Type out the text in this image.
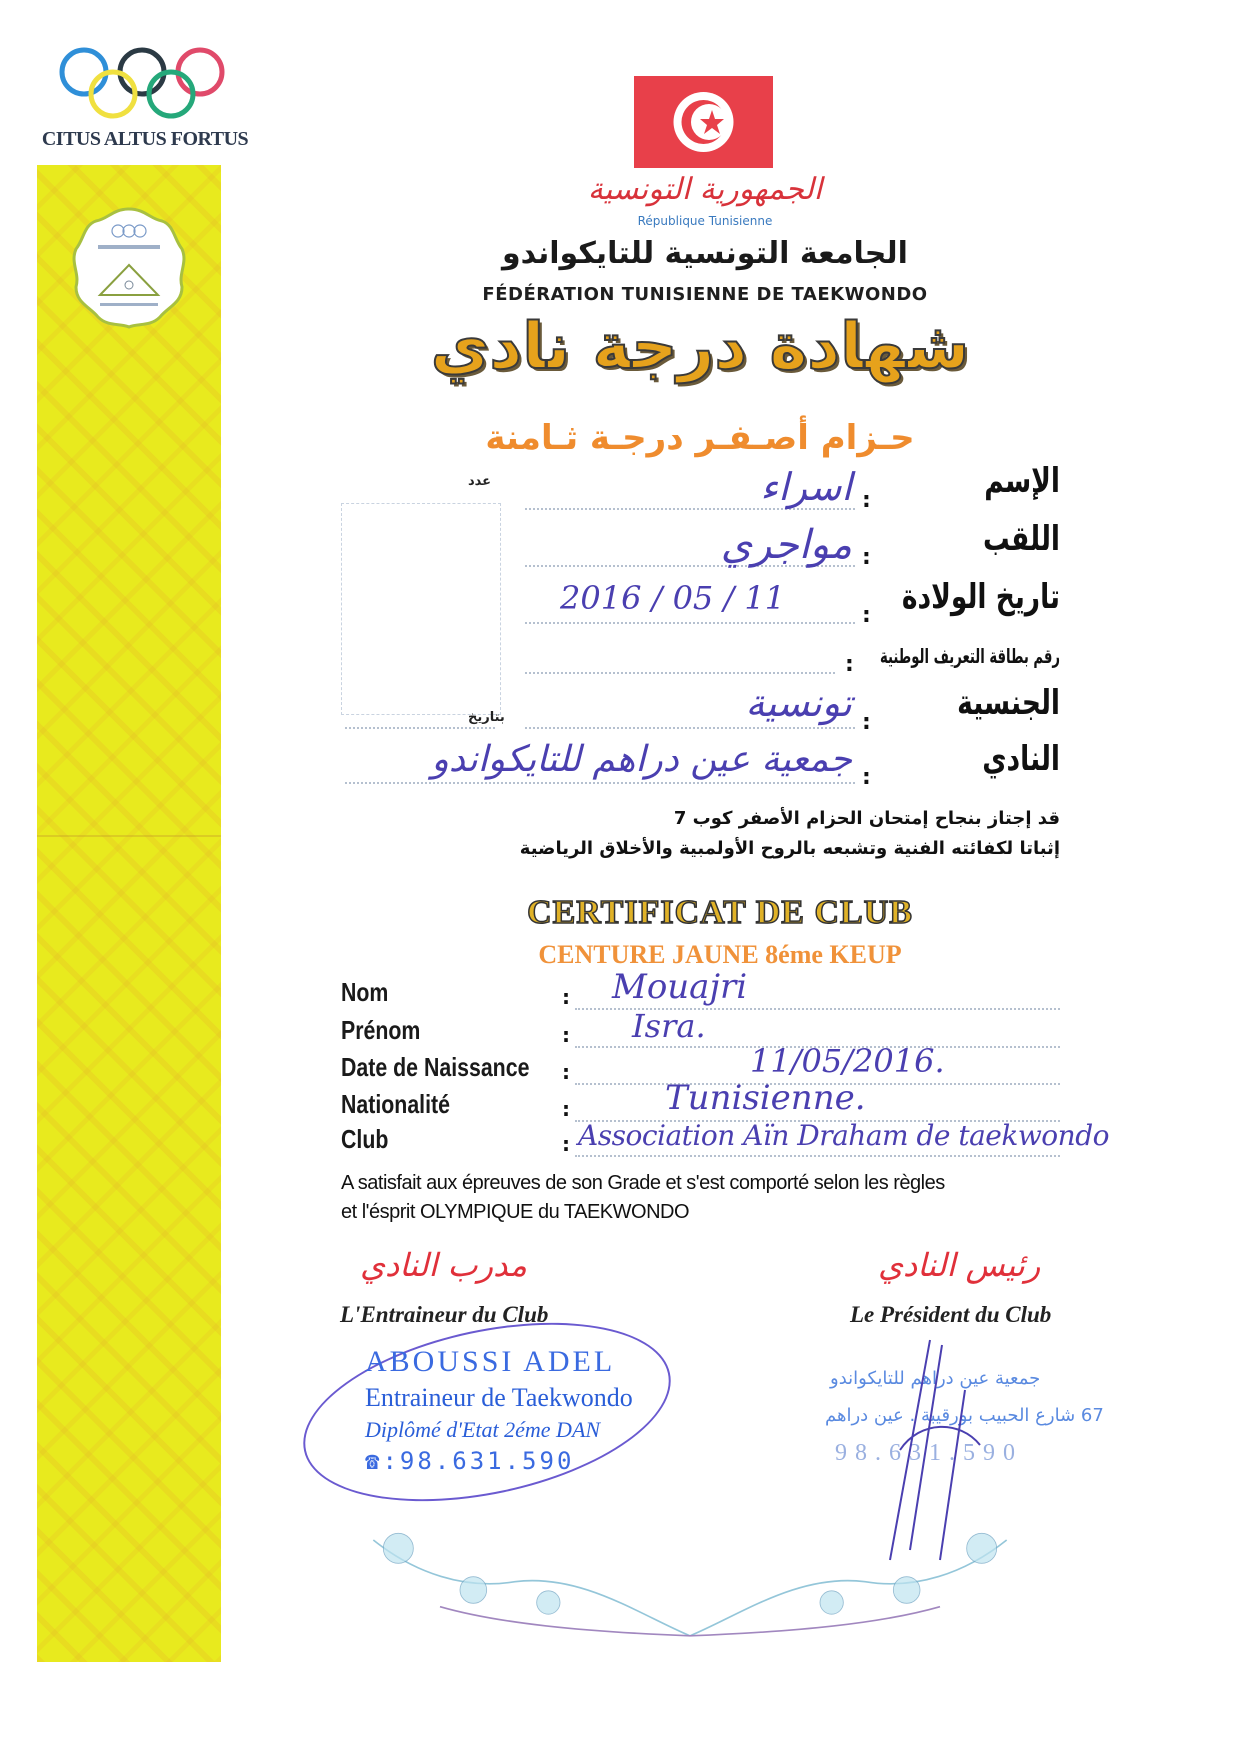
CITUS ALTUS FORTUS
الجمهورية التونسية
République Tunisienne
الجامعة التونسية للتايكواندو
FÉDÉRATION TUNISIENNE DE TAEKWONDO
شهادة درجة نادي
حـزام أصـفـر درجـة ثـامنة
عدد
بتاريخ
الإسم
:
اسراء
اللقب
:
مواجري
تاريخ الولادة
:
2016 / 05 / 11
رقم بطاقة التعريف الوطنية
:
الجنسية
:
تونسية
النادي
:
جمعية عين دراهم للتايكواندو
قد إجتاز بنجاح إمتحان الحزام الأصفر كوب 7
إثباتا لكفائته الفنية وتشبعه بالروح الأولمبية والأخلاق الرياضية
CERTIFICAT DE CLUB
CENTURE JAUNE 8éme KEUP
Nom	: Mouajri
Prénom	: Isra.
Date de Naissance :	11/05/2016.
Nationalité	:	Tunisienne.
Club	: Association Aïn Draham de taekwondo
A satisfait aux épreuves de son Grade et s'est comporté selon les règles
et l'ésprit OLYMPIQUE du TAEKWONDO
مدرب النادي
L'Entraineur du Club
رئيس النادي
Le Président du Club
ABOUSSI ADEL
Entraineur de Taekwondo
Diplômé d'Etat 2éme DAN
☎:98.631.590
جمعية عين دراهم للتايكواندو
67 شارع الحبيب بورقيبة . عين دراهم
98.631.590
